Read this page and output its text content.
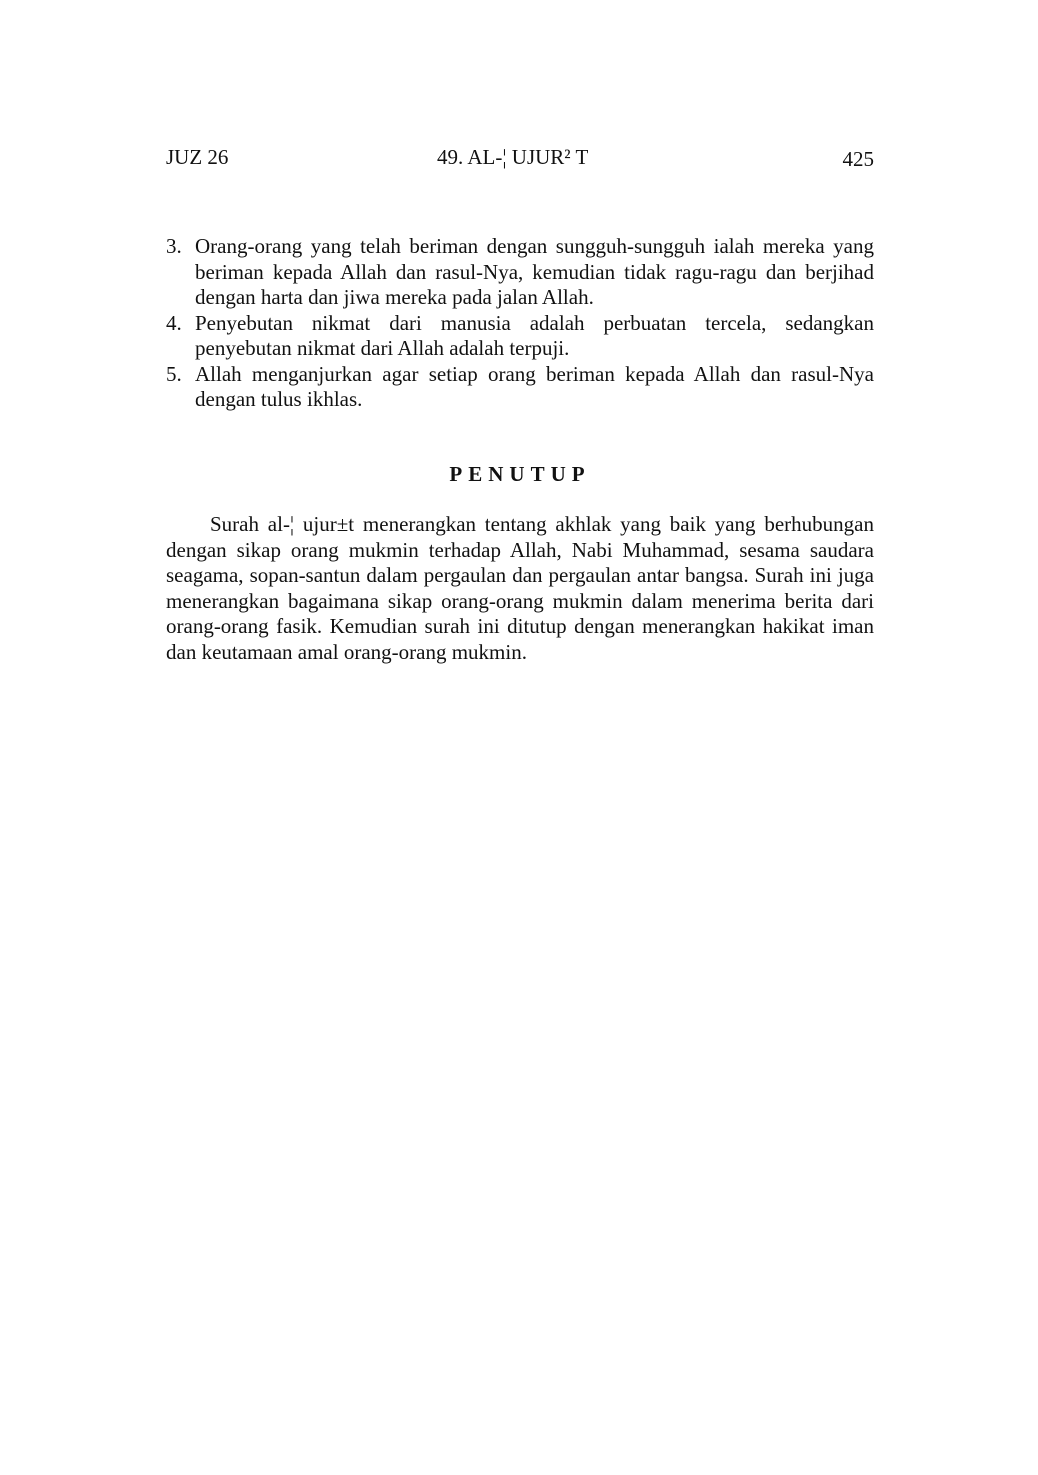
JUZ 26	49. AL-¦ UJUR² T	425
3. Orang-orang yang telah beriman dengan sungguh-sungguh ialah mereka yang beriman kepada Allah dan rasul-Nya, kemudian tidak ragu-ragu dan berjihad dengan harta dan jiwa mereka pada jalan Allah.
4. Penyebutan nikmat dari manusia adalah perbuatan tercela, sedangkan penyebutan nikmat dari Allah adalah terpuji.
5. Allah menganjurkan agar setiap orang beriman kepada Allah dan rasul-Nya dengan tulus ikhlas.
PENUTUP

Surah al-¦ ujur±t menerangkan tentang akhlak yang baik yang berhubungan dengan sikap orang mukmin terhadap Allah, Nabi Muhammad, sesama saudara seagama, sopan-santun dalam pergaulan dan pergaulan antar bangsa. Surah ini juga menerangkan bagaimana sikap orang-orang mukmin dalam menerima berita dari orang-orang fasik. Kemudian surah ini ditutup dengan menerangkan hakikat iman dan keutamaan amal orang-orang mukmin.
